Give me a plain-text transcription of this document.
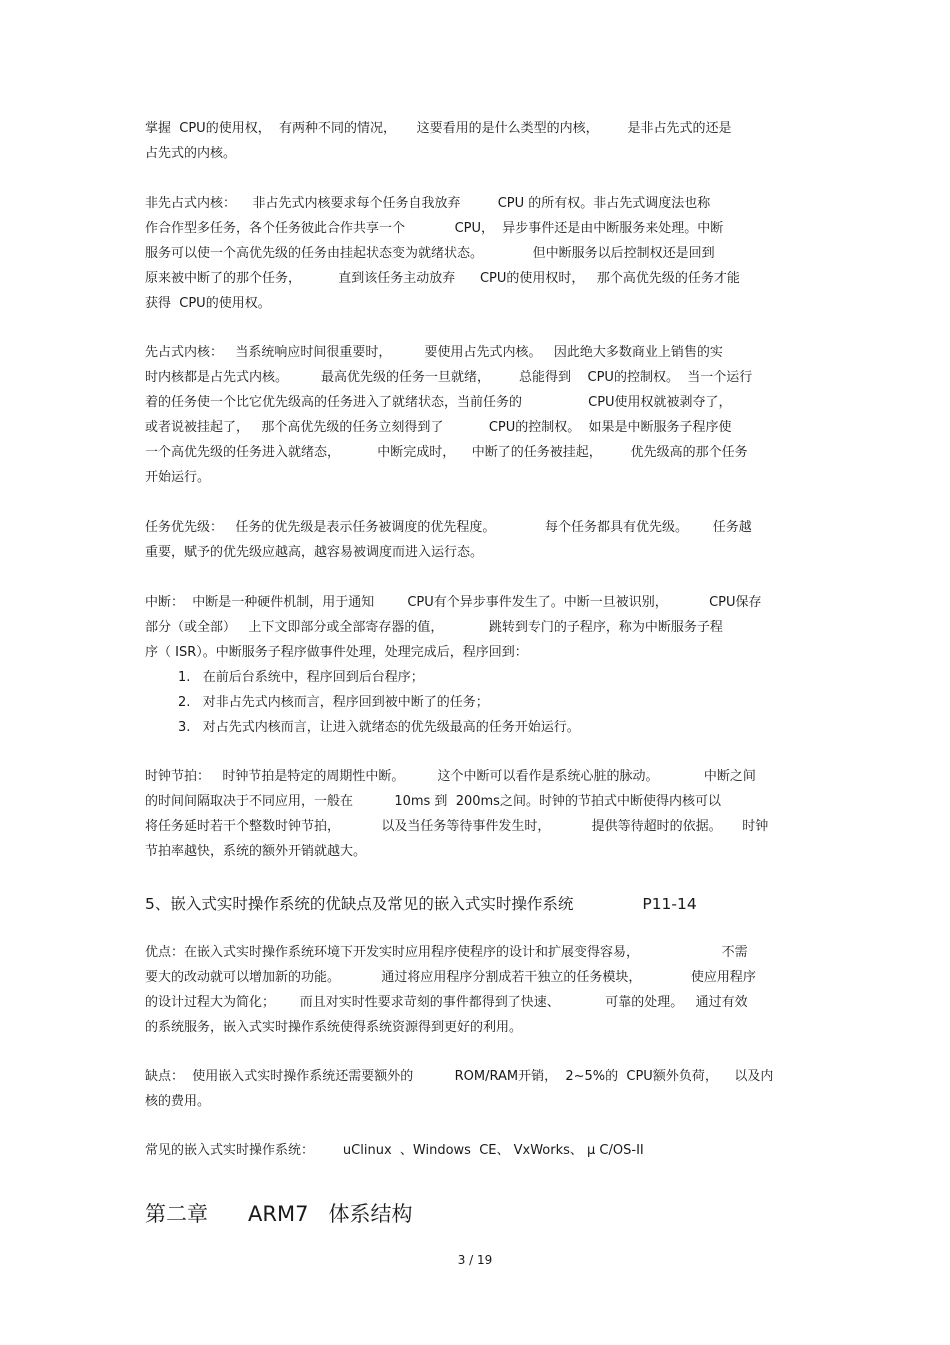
掌握  CPU的使用权，  有两种不同的情况，     这要看用的是什么类型的内核，       是非占先式的还是

占先式的内核。

非先占式内核：    非占先式内核要求每个任务自我放弃         CPU 的所有权。非占先式调度法也称

作合作型多任务，各个任务彼此合作共享一个            CPU，  异步事件还是由中断服务来处理。中断

服务可以使一个高优先级的任务由挂起状态变为就绪状态。            但中断服务以后控制权还是回到

原来被中断了的那个任务，         直到该任务主动放弃      CPU的使用权时，   那个高优先级的任务才能

获得  CPU的使用权。

先占式内核：   当系统响应时间很重要时，        要使用占先式内核。   因此绝大多数商业上销售的实

时内核都是占先式内核。        最高优先级的任务一旦就绪，       总能得到    CPU的控制权。  当一个运行

着的任务使一个比它优先级高的任务进入了就绪状态，当前任务的                CPU使用权就被剥夺了，

或者说被挂起了，   那个高优先级的任务立刻得到了           CPU的控制权。  如果是中断服务子程序使

一个高优先级的任务进入就绪态，         中断完成时，    中断了的任务被挂起，       优先级高的那个任务

开始运行。

任务优先级：   任务的优先级是表示任务被调度的优先程度。            每个任务都具有优先级。      任务越

重要，赋予的优先级应越高，越容易被调度而进入运行态。

中断：  中断是一种硬件机制，用于通知        CPU有个异步事件发生了。中断一旦被识别，          CPU保存

部分（或全部）   上下文即部分或全部寄存器的值，           跳转到专门的子程序，称为中断服务子程

序（ ISR）。中断服务子程序做事件处理，处理完成后，程序回到：

1.   在前后台系统中，程序回到后台程序；

2.   对非占先式内核而言，程序回到被中断了的任务；

3.   对占先式内核而言，让进入就绪态的优先级最高的任务开始运行。

时钟节拍：   时钟节拍是特定的周期性中断。        这个中断可以看作是系统心脏的脉动。           中断之间

的时间间隔取决于不同应用，一般在          10ms 到  200ms之间。时钟的节拍式中断使得内核可以

将任务延时若干个整数时钟节拍，          以及当任务等待事件发生时，          提供等待超时的依据。     时钟

节拍率越快，系统的额外开销就越大。

5、嵌入式实时操作系统的优缺点及常见的嵌入式实时操作系统              P11-14

优点：在嵌入式实时操作系统环境下开发实时应用程序使程序的设计和扩展变得容易，                    不需

要大的改动就可以增加新的功能。          通过将应用程序分割成若干独立的任务模块，            使应用程序

的设计过程大为简化；      而且对实时性要求苛刻的事件都得到了快速、           可靠的处理。   通过有效

的系统服务，嵌入式实时操作系统使得系统资源得到更好的利用。

缺点：  使用嵌入式实时操作系统还需要额外的          ROM/RAM开销，  2~5%的  CPU额外负荷，    以及内

核的费用。

常见的嵌入式实时操作系统：       uClinux  、Windows  CE、 VxWorks、 μ C/OS-II

第二章      ARM7   体系结构
3 / 19
